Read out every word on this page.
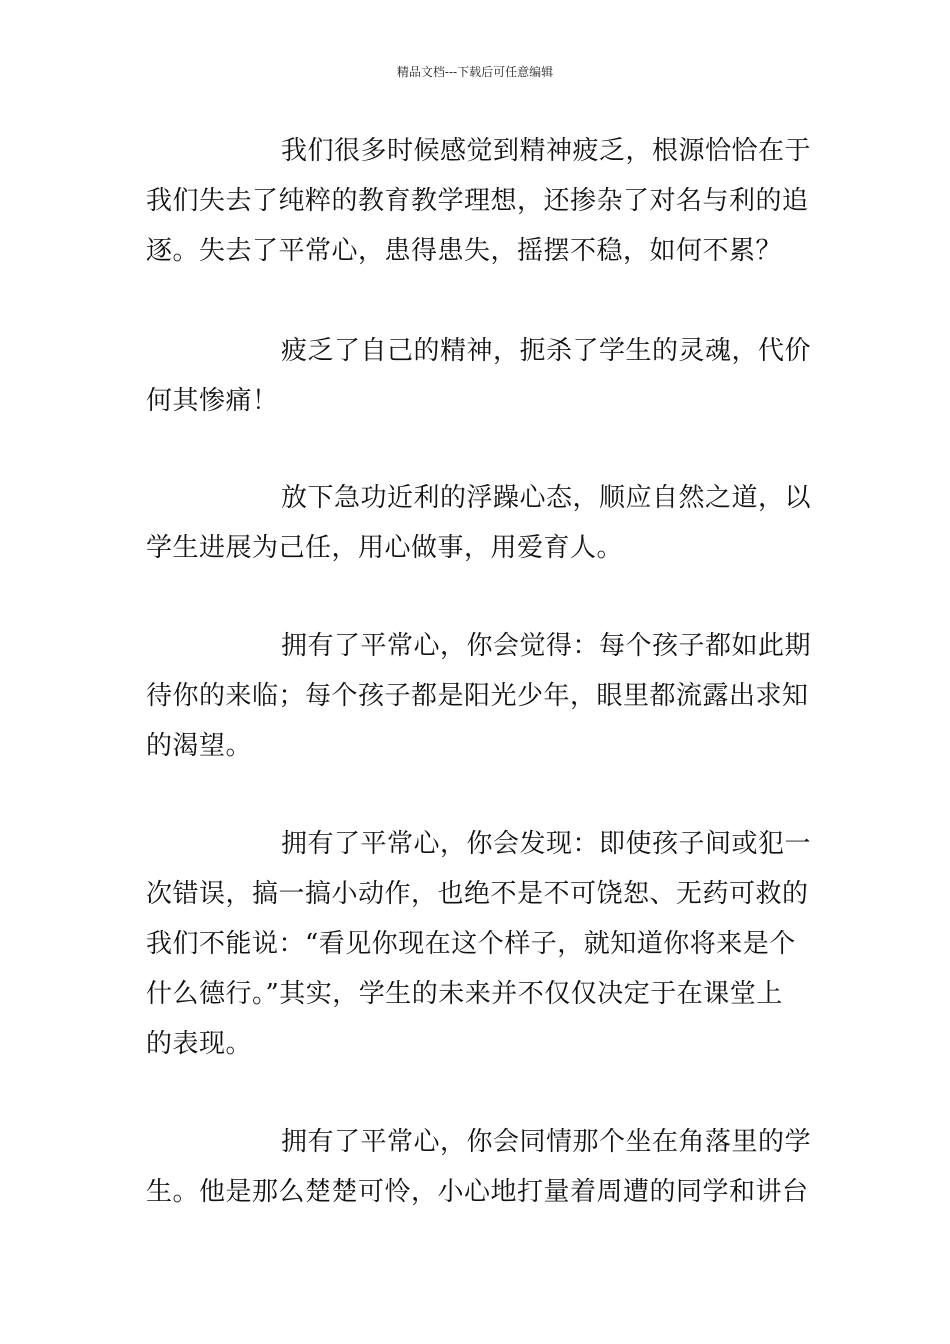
精品文档---下载后可任意编辑
我们很多时候感觉到精神疲乏，根源恰恰在于
我们失去了纯粹的教育教学理想，还掺杂了对名与利的追
逐。失去了平常心，患得患失，摇摆不稳，如何不累？
疲乏了自己的精神，扼杀了学生的灵魂，代价
何其惨痛！
放下急功近利的浮躁心态，顺应自然之道，以
学生进展为己任，用心做事，用爱育人。
拥有了平常心，你会觉得：每个孩子都如此期
待你的来临；每个孩子都是阳光少年，眼里都流露出求知
的渴望。
拥有了平常心，你会发现：即使孩子间或犯一
次错误，搞一搞小动作，也绝不是不可饶恕、无药可救的
我们不能说：“看见你现在这个样子，就知道你将来是个
什么德行。”其实，学生的未来并不仅仅决定于在课堂上
的表现。
拥有了平常心，你会同情那个坐在角落里的学
生。他是那么楚楚可怜，小心地打量着周遭的同学和讲台
